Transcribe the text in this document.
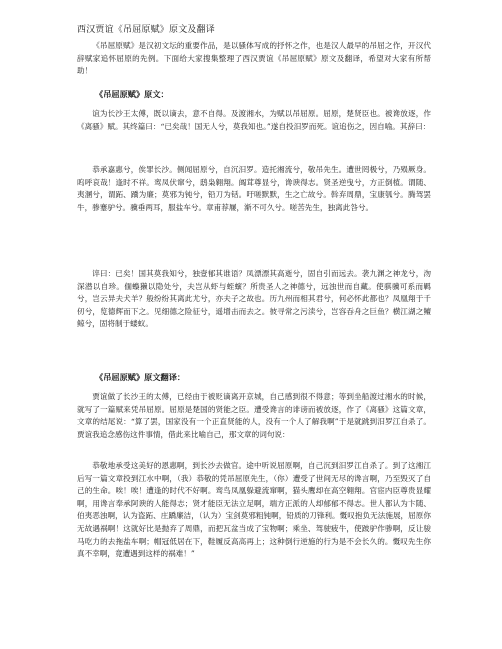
西汉贾谊《吊屈原赋》原文及翻译

《吊屈原赋》是汉初文坛的重要作品，是以骚体写成的抒怀之作，也是汉人最早的吊屈之作，开汉代辞赋家追怀屈原的先例。下面给大家搜集整理了西汉贾谊《吊屈原赋》原文及翻译，希望对大家有所帮助！

《吊屈原赋》原文：

谊为长沙王太傅，既以谪去，意不自得。及渡湘水，为赋以吊屈原。屈原，楚贤臣也。被谗放逐，作《离骚》赋。其终篇曰：“已矣哉！国无人兮，莫我知也。”遂自投汨罗而死。谊追伤之，因自喻。其辞曰：

恭承嘉惠兮，俟罪长沙。侧闻屈原兮，自沉汨罗。造托湘流兮，敬吊先生。遭世罔极兮，乃殒厥身。呜呼哀哉！逢时不祥。鸾凤伏窜兮，鸱枭翱翔。阘茸尊显兮，谗谀得志。贤圣逆曳兮，方正倒植。谓随、夷溷兮，谓跖、蹻为廉；莫邪为钝兮，铅刀为铦。吁嗟默默，生之亡故兮。斡弃周鼎，宝康瓠兮。腾驾罢牛，骖蹇驴兮。骥垂两耳，服盐车兮。章甫荐屦，渐不可久兮。嗟苦先生，独离此咎兮。

谇曰：已矣！国其莫我知兮，独壹郁其谁语？凤漂漂其高逝兮，固自引而远去。袭九渊之神龙兮，沕深潜以自珍。偭蟂獭以隐处兮，夫岂从虾与蛭螾？所贵圣人之神德兮，远浊世而自藏。使骐骥可系而羁兮，岂云异夫犬羊？般纷纷其离此尤兮，亦夫子之故也。历九州而相其君兮，何必怀此都也？凤凰翔于千仞兮，览德辉而下之。见细德之险征兮，遥增击而去之。彼寻常之污渎兮，岂容吞舟之巨鱼？横江湖之鳣鲸兮，固将制于蝼蚁。

《吊屈原赋》原文翻译：

贾谊做了长沙王的太傅，已经由于被贬谪离开京城，自己感到很不得意；等到坐船渡过湘水的时候，就写了一篇赋来凭吊屈原。屈原是楚国的贤能之臣。遭受谗言的诽谤而被放逐，作了《离骚》这篇文章，文章的结尾说：“算了罢，国家没有一个正直贤能的人，没有一个人了解我啊”于是就跳到汨罗江自杀了。贾谊我追念感伤这件事情，借此来比喻自己，那文章的词句说：

恭敬地承受这美好的恩惠啊，到长沙去做官。途中听说屈原啊，自己沉到汨罗江自杀了。到了这湘江后写一篇文章投到江水中啊，（我）恭敬的凭吊屈原先生，（你）遭受了世间无尽的谗言啊，乃至毁灭了自己的生命。唉！唉！遭逢的时代不好啊。鸾鸟凤凰躲避流窜啊，猫头鹰却在高空翱翔。官宦内臣尊贵显耀啊，用谗言奉承阿谀的人能得志；贤才能臣无法立足啊，端方正派的人却郁郁不得志。世人都认为卞随、伯夷恶浊啊，认为盗跖、庄蹻廉洁，（认为）宝剑莫邪粗钝啊，铅质的刀锋利。慨叹抱负无法施展，屈原你无故遇祸啊！这就好比是抛弃了周鼎，而把瓦盆当成了宝物啊；乘坐、驾驶疲牛，使跛驴作骖啊，反让骏马吃力的去拖盐车啊；帽冠低居在下，鞋履反高高再上；这种倒行逆施的行为是不会长久的。慨叹先生你真不幸啊，竟遭遇到这样的祸难！”
